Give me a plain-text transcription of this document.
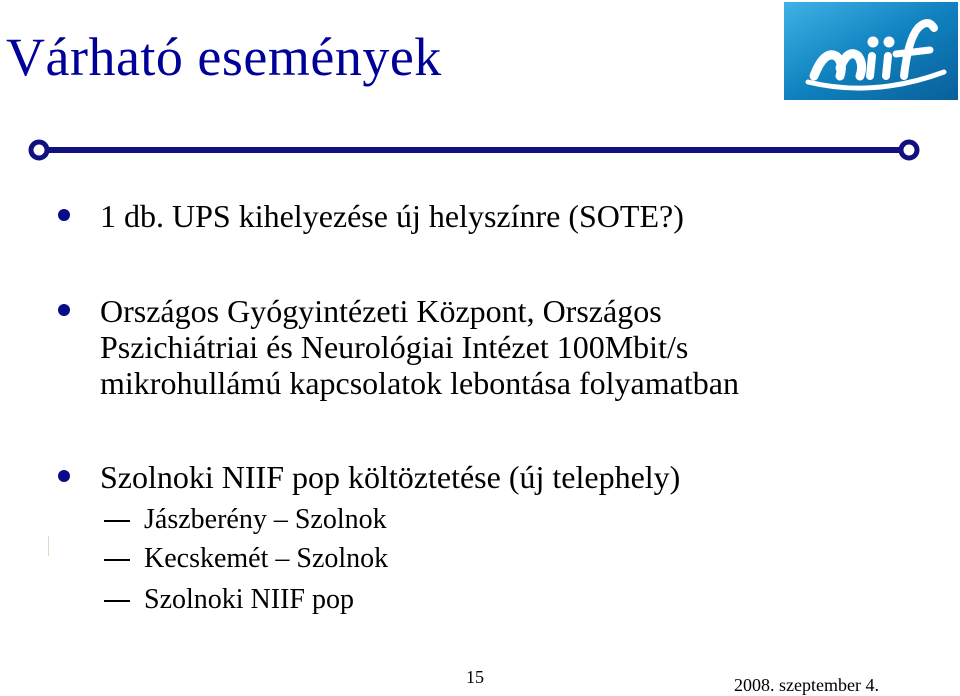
Várható események
1 db. UPS kihelyezése új helyszínre (SOTE?)
Országos Gyógyintézeti Központ, Országos
Pszichiátriai és Neurológiai Intézet 100Mbit/s
mikrohullámú kapcsolatok lebontása folyamatban
Szolnoki NIIF pop költöztetése (új telephely)
Jászberény – Szolnok
Kecskemét – Szolnok
Szolnoki NIIF pop
15	2008. szeptember 4.
